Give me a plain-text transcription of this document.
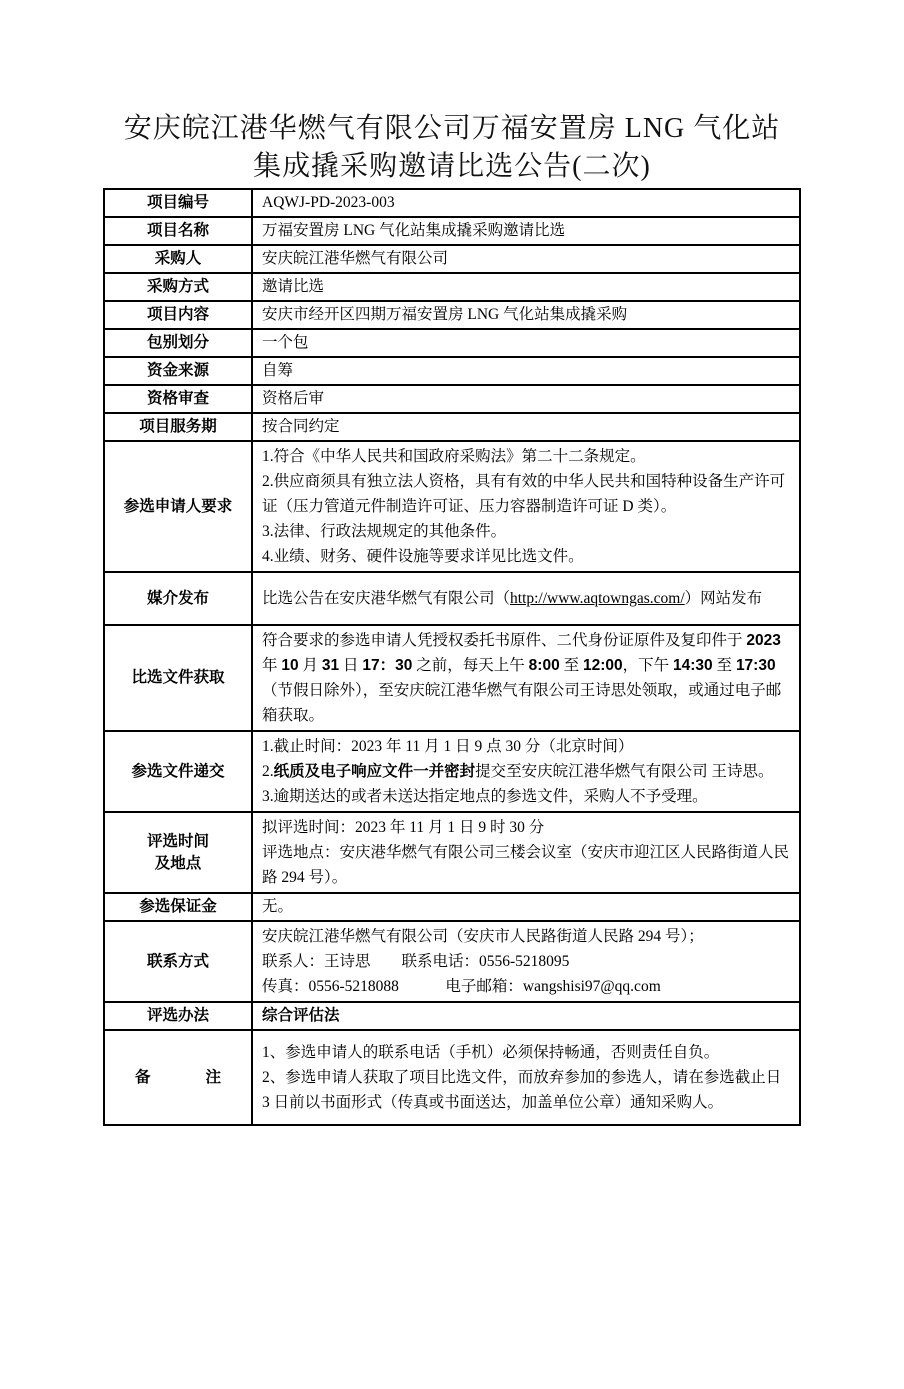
安庆皖江港华燃气有限公司万福安置房 LNG 气化站
集成撬采购邀请比选公告(二次)
项目编号	AQWJ-PD-2023-003

项目名称	万福安置房 LNG 气化站集成撬采购邀请比选

采购人	安庆皖江港华燃气有限公司

采购方式	邀请比选

项目内容	安庆市经开区四期万福安置房 LNG 气化站集成撬采购

包别划分	一个包

资金来源	自筹

资格审查	资格后审

项目服务期	按合同约定

参选申请人要求	1.符合《中华人民共和国政府采购法》第二十二条规定。
2.供应商须具有独立法人资格，具有有效的中华人民共和国特种设备生产许可证（压力管道元件制造许可证、压力容器制造许可证 D 类）。
3.法律、行政法规规定的其他条件。
4.业绩、财务、硬件设施等要求详见比选文件。

媒介发布	比选公告在安庆港华燃气有限公司（http://www.aqtowngas.com/）网站发布

比选文件获取	符合要求的参选申请人凭授权委托书原件、二代身份证原件及复印件于 2023 年 10 月 31 日 17：30 之前，每天上午 8:00 至 12:00，下午 14:30 至 17:30（节假日除外），至安庆皖江港华燃气有限公司王诗思处领取，或通过电子邮箱获取。

参选文件递交	1.截止时间：2023 年 11 月 1 日 9 点 30 分（北京时间）
2.纸质及电子响应文件一并密封提交至安庆皖江港华燃气有限公司 王诗思。
3.逾期送达的或者未送达指定地点的参选文件，采购人不予受理。

评选时间
及地点

拟评选时间：2023 年 11 月 1 日 9 时 30 分
评选地点：安庆港华燃气有限公司三楼会议室（安庆市迎江区人民路街道人民路 294 号）。

参选保证金	无。

联系方式	安庆皖江港华燃气有限公司（安庆市人民路街道人民路 294 号）；
联系人：王诗思　　联系电话：0556-5218095
传真：0556-5218088　　　电子邮箱：wangshisi97@qq.com

评选办法	综合评估法

备注	1、参选申请人的联系电话（手机）必须保持畅通，否则责任自负。
2、参选申请人获取了项目比选文件，而放弃参加的参选人，请在参选截止日 3 日前以书面形式（传真或书面送达，加盖单位公章）通知采购人。
